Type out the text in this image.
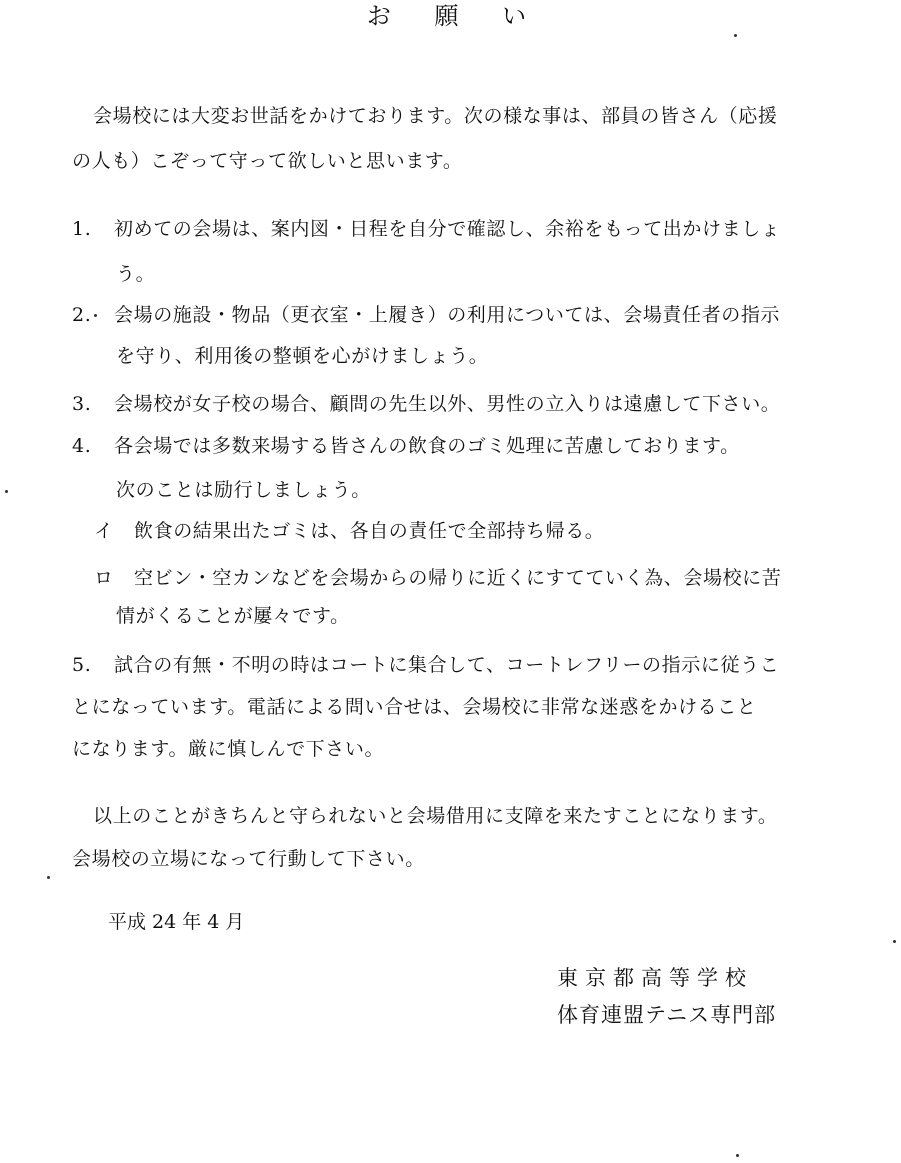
お 願 い
会場校には大変お世話をかけております。次の様な事は、部員の皆さん（応援
の人も）こぞって守って欲しいと思います。
1. 初めての会場は、案内図・日程を自分で確認し、余裕をもって出かけましょ
う。
2. 会場の施設・物品（更衣室・上履き）の利用については、会場責任者の指示
を守り、利用後の整頓を心がけましょう。
3. 会場校が女子校の場合、顧問の先生以外、男性の立入りは遠慮して下さい。
4. 各会場では多数来場する皆さんの飲食のゴミ処理に苦慮しております。
次のことは励行しましょう。
イ 飲食の結果出たゴミは、各自の責任で全部持ち帰る。
ロ 空ビン・空カンなどを会場からの帰りに近くにすてていく為、会場校に苦
情がくることが屢々です。
5. 試合の有無・不明の時はコートに集合して、コートレフリーの指示に従うこ
とになっています。電話による問い合せは、会場校に非常な迷惑をかけること
になります。厳に慎しんで下さい。
以上のことがきちんと守られないと会場借用に支障を来たすことになります。
会場校の立場になって行動して下さい。
平成 24 年 4 月
東京都高等学校
体育連盟テニス専門部
